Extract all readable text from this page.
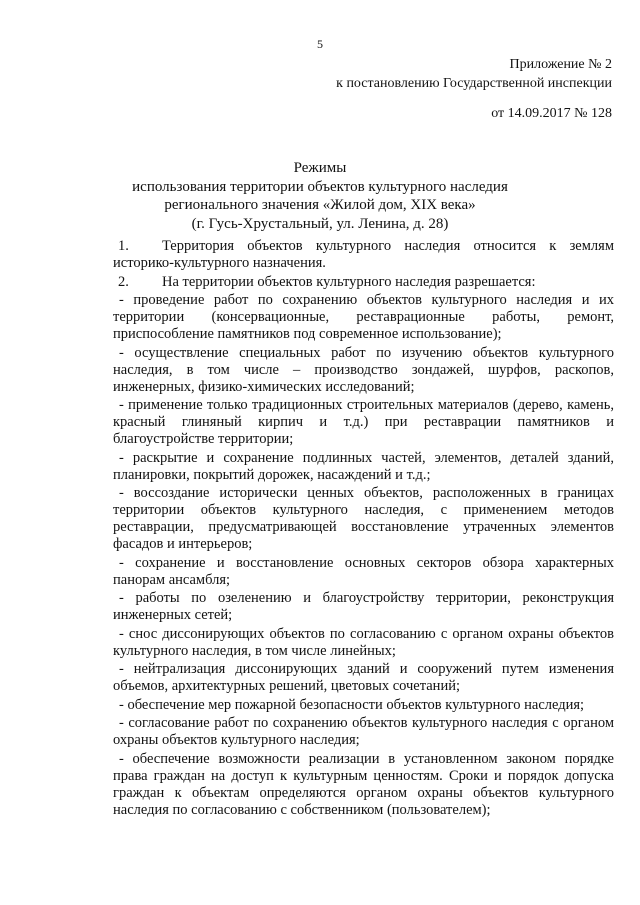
5
Приложение № 2
к постановлению Государственной инспекции
от 14.09.2017 № 128
Режимы
использования территории объектов культурного наследия
регионального значения «Жилой дом, XIX века»
(г. Гусь-Хрустальный, ул. Ленина, д. 28)

1. Территория объектов культурного наследия относится к землям историко-культурного назначения.

2. На территории объектов культурного наследия разрешается:

- проведение работ по сохранению объектов культурного наследия и их территории (консервационные, реставрационные работы, ремонт, приспособление памятников под современное использование);

- осуществление специальных работ по изучению объектов культурного наследия, в том числе – производство зондажей, шурфов, раскопов, инженерных, физико-химических исследований;

- применение только традиционных строительных материалов (дерево, камень, красный глиняный кирпич и т.д.) при реставрации памятников и благоустройстве территории;

- раскрытие и сохранение подлинных частей, элементов, деталей зданий, планировки, покрытий дорожек, насаждений и т.д.;

- воссоздание исторически ценных объектов, расположенных в границах территории объектов культурного наследия, с применением методов реставрации, предусматривающей восстановление утраченных элементов фасадов и интерьеров;

- сохранение и восстановление основных секторов обзора характерных панорам ансамбля;

- работы по озеленению и благоустройству территории, реконструкция инженерных сетей;

- снос диссонирующих объектов по согласованию с органом охраны объектов культурного наследия, в том числе линейных;

- нейтрализация диссонирующих зданий и сооружений путем изменения объемов, архитектурных решений, цветовых сочетаний;

- обеспечение мер пожарной безопасности объектов культурного наследия;

- согласование работ по сохранению объектов культурного наследия с органом охраны объектов культурного наследия;

- обеспечение возможности реализации в установленном законом порядке права граждан на доступ к культурным ценностям. Сроки и порядок допуска граждан к объектам определяются органом охраны объектов культурного наследия по согласованию с собственником (пользователем);
